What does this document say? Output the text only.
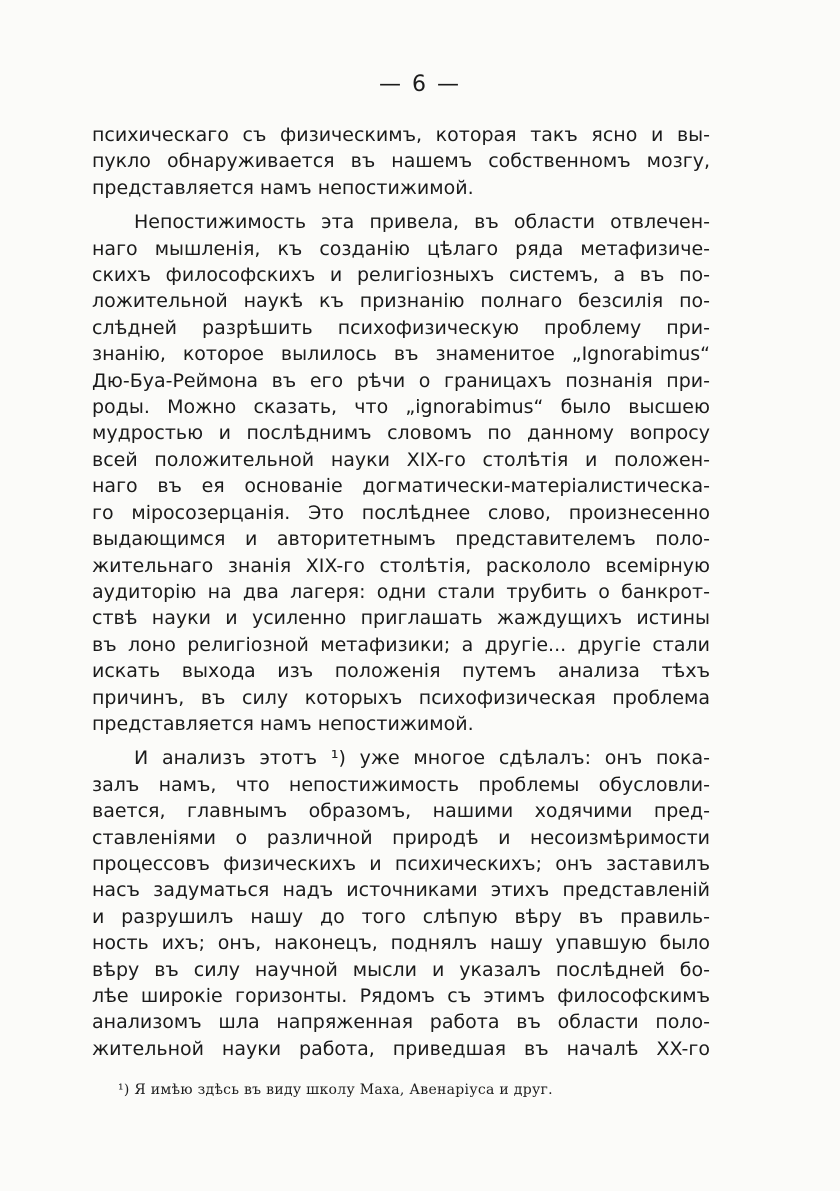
— 6 —
психическаго съ физическимъ, которая такъ ясно и вы-
пукло обнаруживается въ нашемъ собственномъ мозгу,
представляется намъ непостижимой.
Непостижимость эта привела, въ области отвлечен-
наго мышленія, къ созданію цѣлаго ряда метафизиче-
скихъ философскихъ и религіозныхъ системъ, а въ по-
ложительной наукѣ къ признанію полнаго безсилія по-
слѣдней разрѣшить психофизическую проблему при-
знанію, которое вылилось въ знаменитое „Ignorabimus“
Дю-Буа-Реймона въ его рѣчи о границахъ познанія при-
роды. Можно сказать, что „ignorabimus“ было высшею
мудростью и послѣднимъ словомъ по данному вопросу
всей положительной науки XIX-го столѣтія и положен-
наго въ ея основаніе догматически-матеріалистическа-
го міросозерцанія. Это послѣднее слово, произнесенно
выдающимся и авторитетнымъ представителемъ поло-
жительнаго знанія XIX-го столѣтія, раскололо всемірную
аудиторію на два лагеря: одни стали трубить о банкрот-
ствѣ науки и усиленно приглашать жаждущихъ истины
въ лоно религіозной метафизики; а другіе... другіе стали
искать выхода изъ положенія путемъ анализа тѣхъ
причинъ, въ силу которыхъ психофизическая проблема
представляется намъ непостижимой.
И анализъ этотъ ¹) уже многое сдѣлалъ: онъ пока-
залъ намъ, что непостижимость проблемы обусловли-
вается, главнымъ образомъ, нашими ходячими пред-
ставленіями о различной природѣ и несоизмѣримости
процессовъ физическихъ и психическихъ; онъ заставилъ
насъ задуматься надъ источниками этихъ представленій
и разрушилъ нашу до того слѣпую вѣру въ правиль-
ность ихъ; онъ, наконецъ, поднялъ нашу упавшую было
вѣру въ силу научной мысли и указалъ послѣдней бо-
лѣе широкіе горизонты. Рядомъ съ этимъ философскимъ
анализомъ шла напряженная работа въ области поло-
жительной науки работа, приведшая въ началѣ XX-го
¹) Я имѣю здѣсь въ виду школу Маха, Авенаріуса и друг.
